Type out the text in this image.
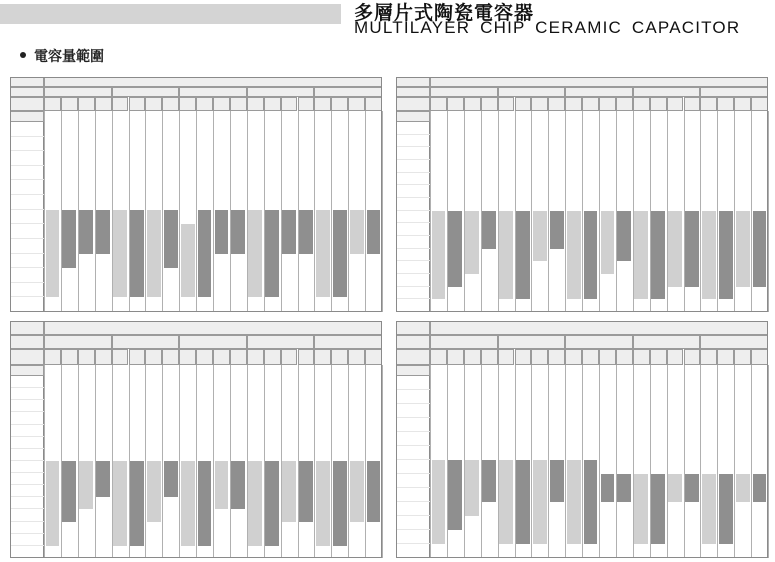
多層片式陶瓷電容器
MULTILAYER CHIP CERAMIC CAPACITOR
電容量範圍
